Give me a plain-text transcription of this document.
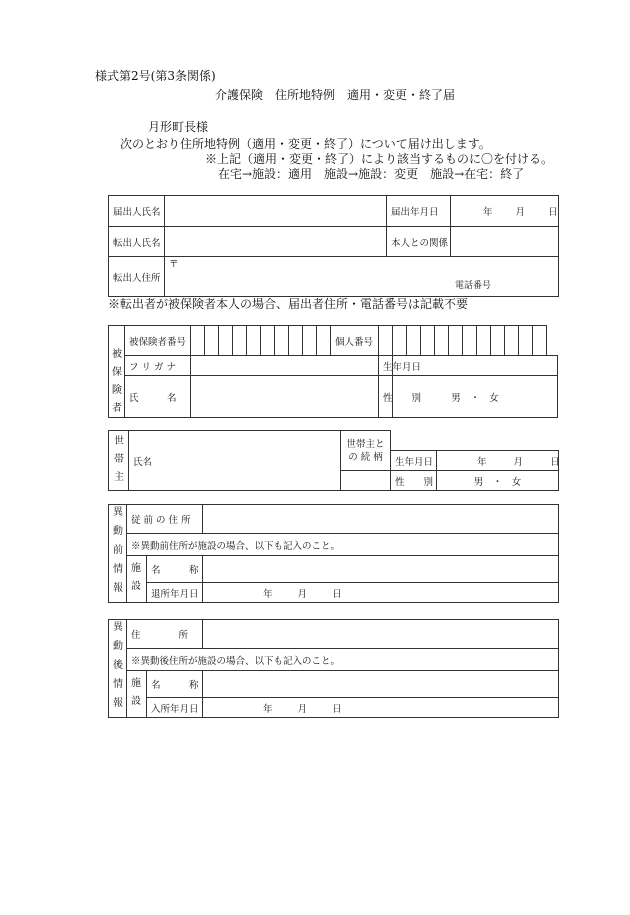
様式第2号(第3条関係)
介護保険　住所地特例　適用・変更・終了届
月形町長様
次のとおり住所地特例（適用・変更・終了）について届け出します。
※上記（適用・変更・終了）により該当するものに〇を付ける。
在宅→施設：適用　施設→施設：変更　施設→在宅：終了
届出人氏名		届出年月日	年 月 日
転出人氏名		本人との関係	
転出人住所	〒
電話番号		
※転出者が被保険者本人の場合、届出者住所・電話番号は記載不要
被保険者	被保険者番号											個人番号												
	フ リ ガ ナ												生年月日											
	氏　　　名												性　　別	男　・　女										
世帯主	氏名	世帯主と の 続 柄		
			生年月日	年 月 日
			性　　別	男　・　女
異動前情報	従 前 の 住 所		
	※異動前住所が施設の場合、以下も記入のこと。		

	施設	名　　　称	
		退所年月日	年 月 日
異動後情報	住　　　　所		
	※異動後住所が施設の場合、以下も記入のこと。		

	施設	名　　　称	
		入所年月日	年 月 日
